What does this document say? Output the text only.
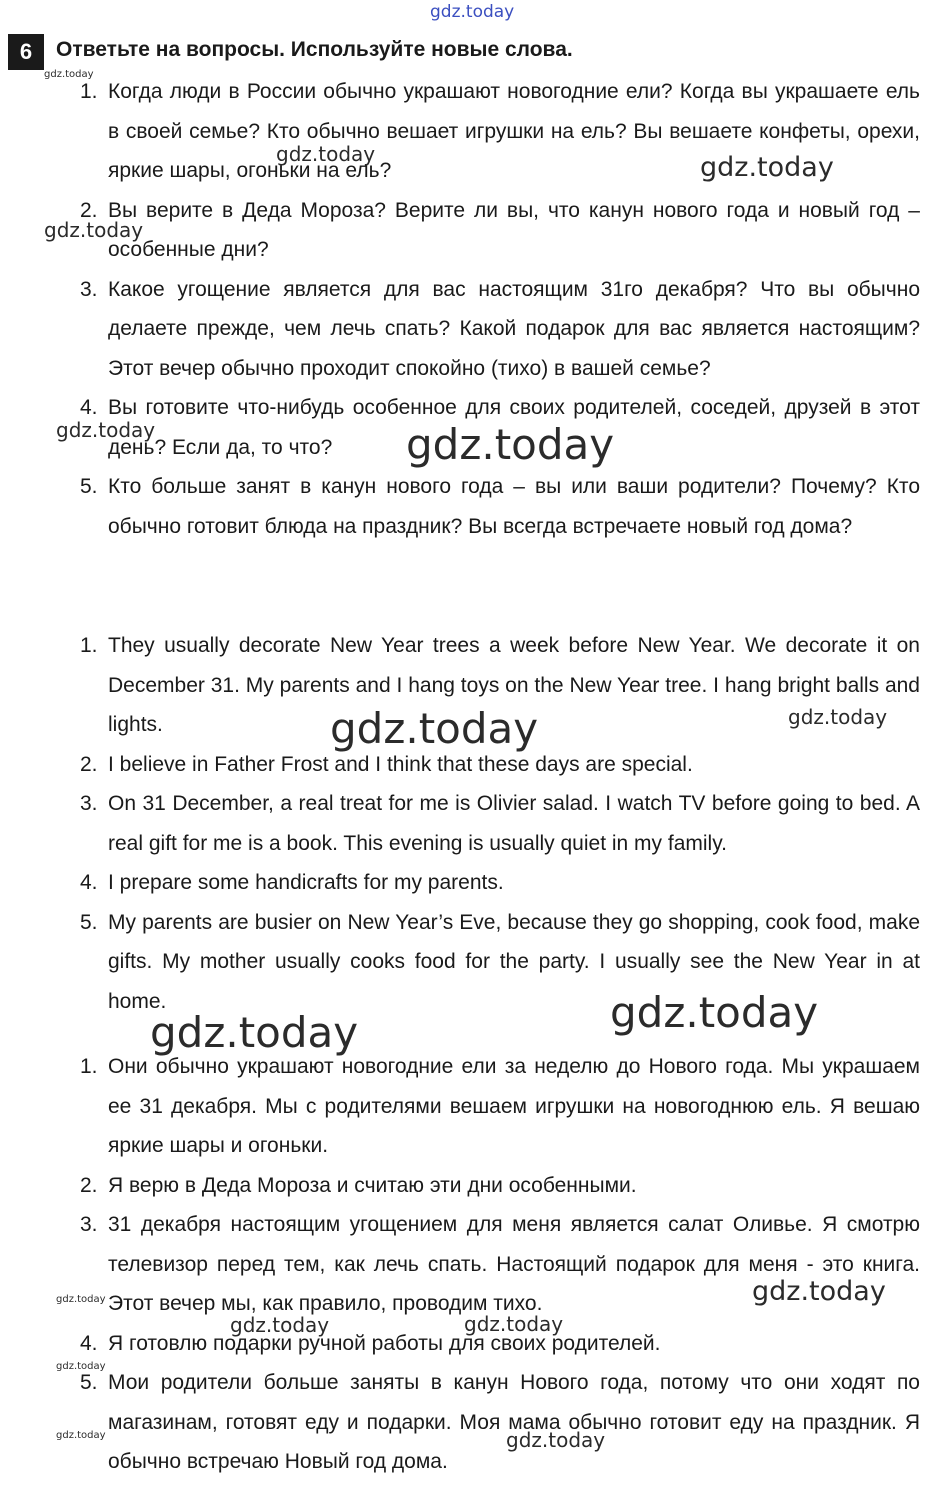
gdz.today
6	Ответьте на вопросы. Используйте новые слова.
1. Когда люди в России обычно украшают новогодние ели? Когда вы украшаете ель в своей семье? Кто обычно вешает игрушки на ель? Вы вешаете конфеты, орехи, яркие шары, огоньки на ель?
2. Вы верите в Деда Мороза? Верите ли вы, что канун нового года и новый год – особенные дни?
3. Какое угощение является для вас настоящим 31го декабря? Что вы обычно делаете прежде, чем лечь спать? Какой подарок для вас является настоящим? Этот вечер обычно проходит спокойно (тихо) в вашей семье?
4. Вы готовите что-нибудь особенное для своих родителей, соседей, друзей в этот день? Если да, то что?
5. Кто больше занят в канун нового года – вы или ваши родители? Почему? Кто обычно готовит блюда на праздник? Вы всегда встречаете новый год дома?
1. They usually decorate New Year trees a week before New Year. We decorate it on December 31. My parents and I hang toys on the New Year tree. I hang bright balls and lights.
2. I believe in Father Frost and I think that these days are special.
3. On 31 December, a real treat for me is Olivier salad. I watch TV before going to bed. A real gift for me is a book. This evening is usually quiet in my family.
4. I prepare some handicrafts for my parents.
5. My parents are busier on New Year’s Eve, because they go shopping, cook food, make gifts. My mother usually cooks food for the party. I usually see the New Year in at home.
1. Они обычно украшают новогодние ели за неделю до Нового года. Мы украшаем ее 31 декабря. Мы с родителями вешаем игрушки на новогоднюю ель. Я вешаю яркие шары и огоньки.
2. Я верю в Деда Мороза и считаю эти дни особенными.
3. 31 декабря настоящим угощением для меня является салат Оливье. Я смотрю телевизор перед тем, как лечь спать. Настоящий подарок для меня - это книга. Этот вечер мы, как правило, проводим тихо.
4. Я готовлю подарки ручной работы для своих родителей.
5. Мои родители больше заняты в канун Нового года, потому что они ходят по магазинам, готовят еду и подарки. Моя мама обычно готовит еду на праздник. Я обычно встречаю Новый год дома.
gdz.today
gdz.today	gdz.today
gdz.today
gdz.today	gdz.today
gdz.today	gdz.today
gdz.today	gdz.today
gdz.today
gdz.today
gdz.today	gdz.today
gdz.today
gdz.today	gdz.today
